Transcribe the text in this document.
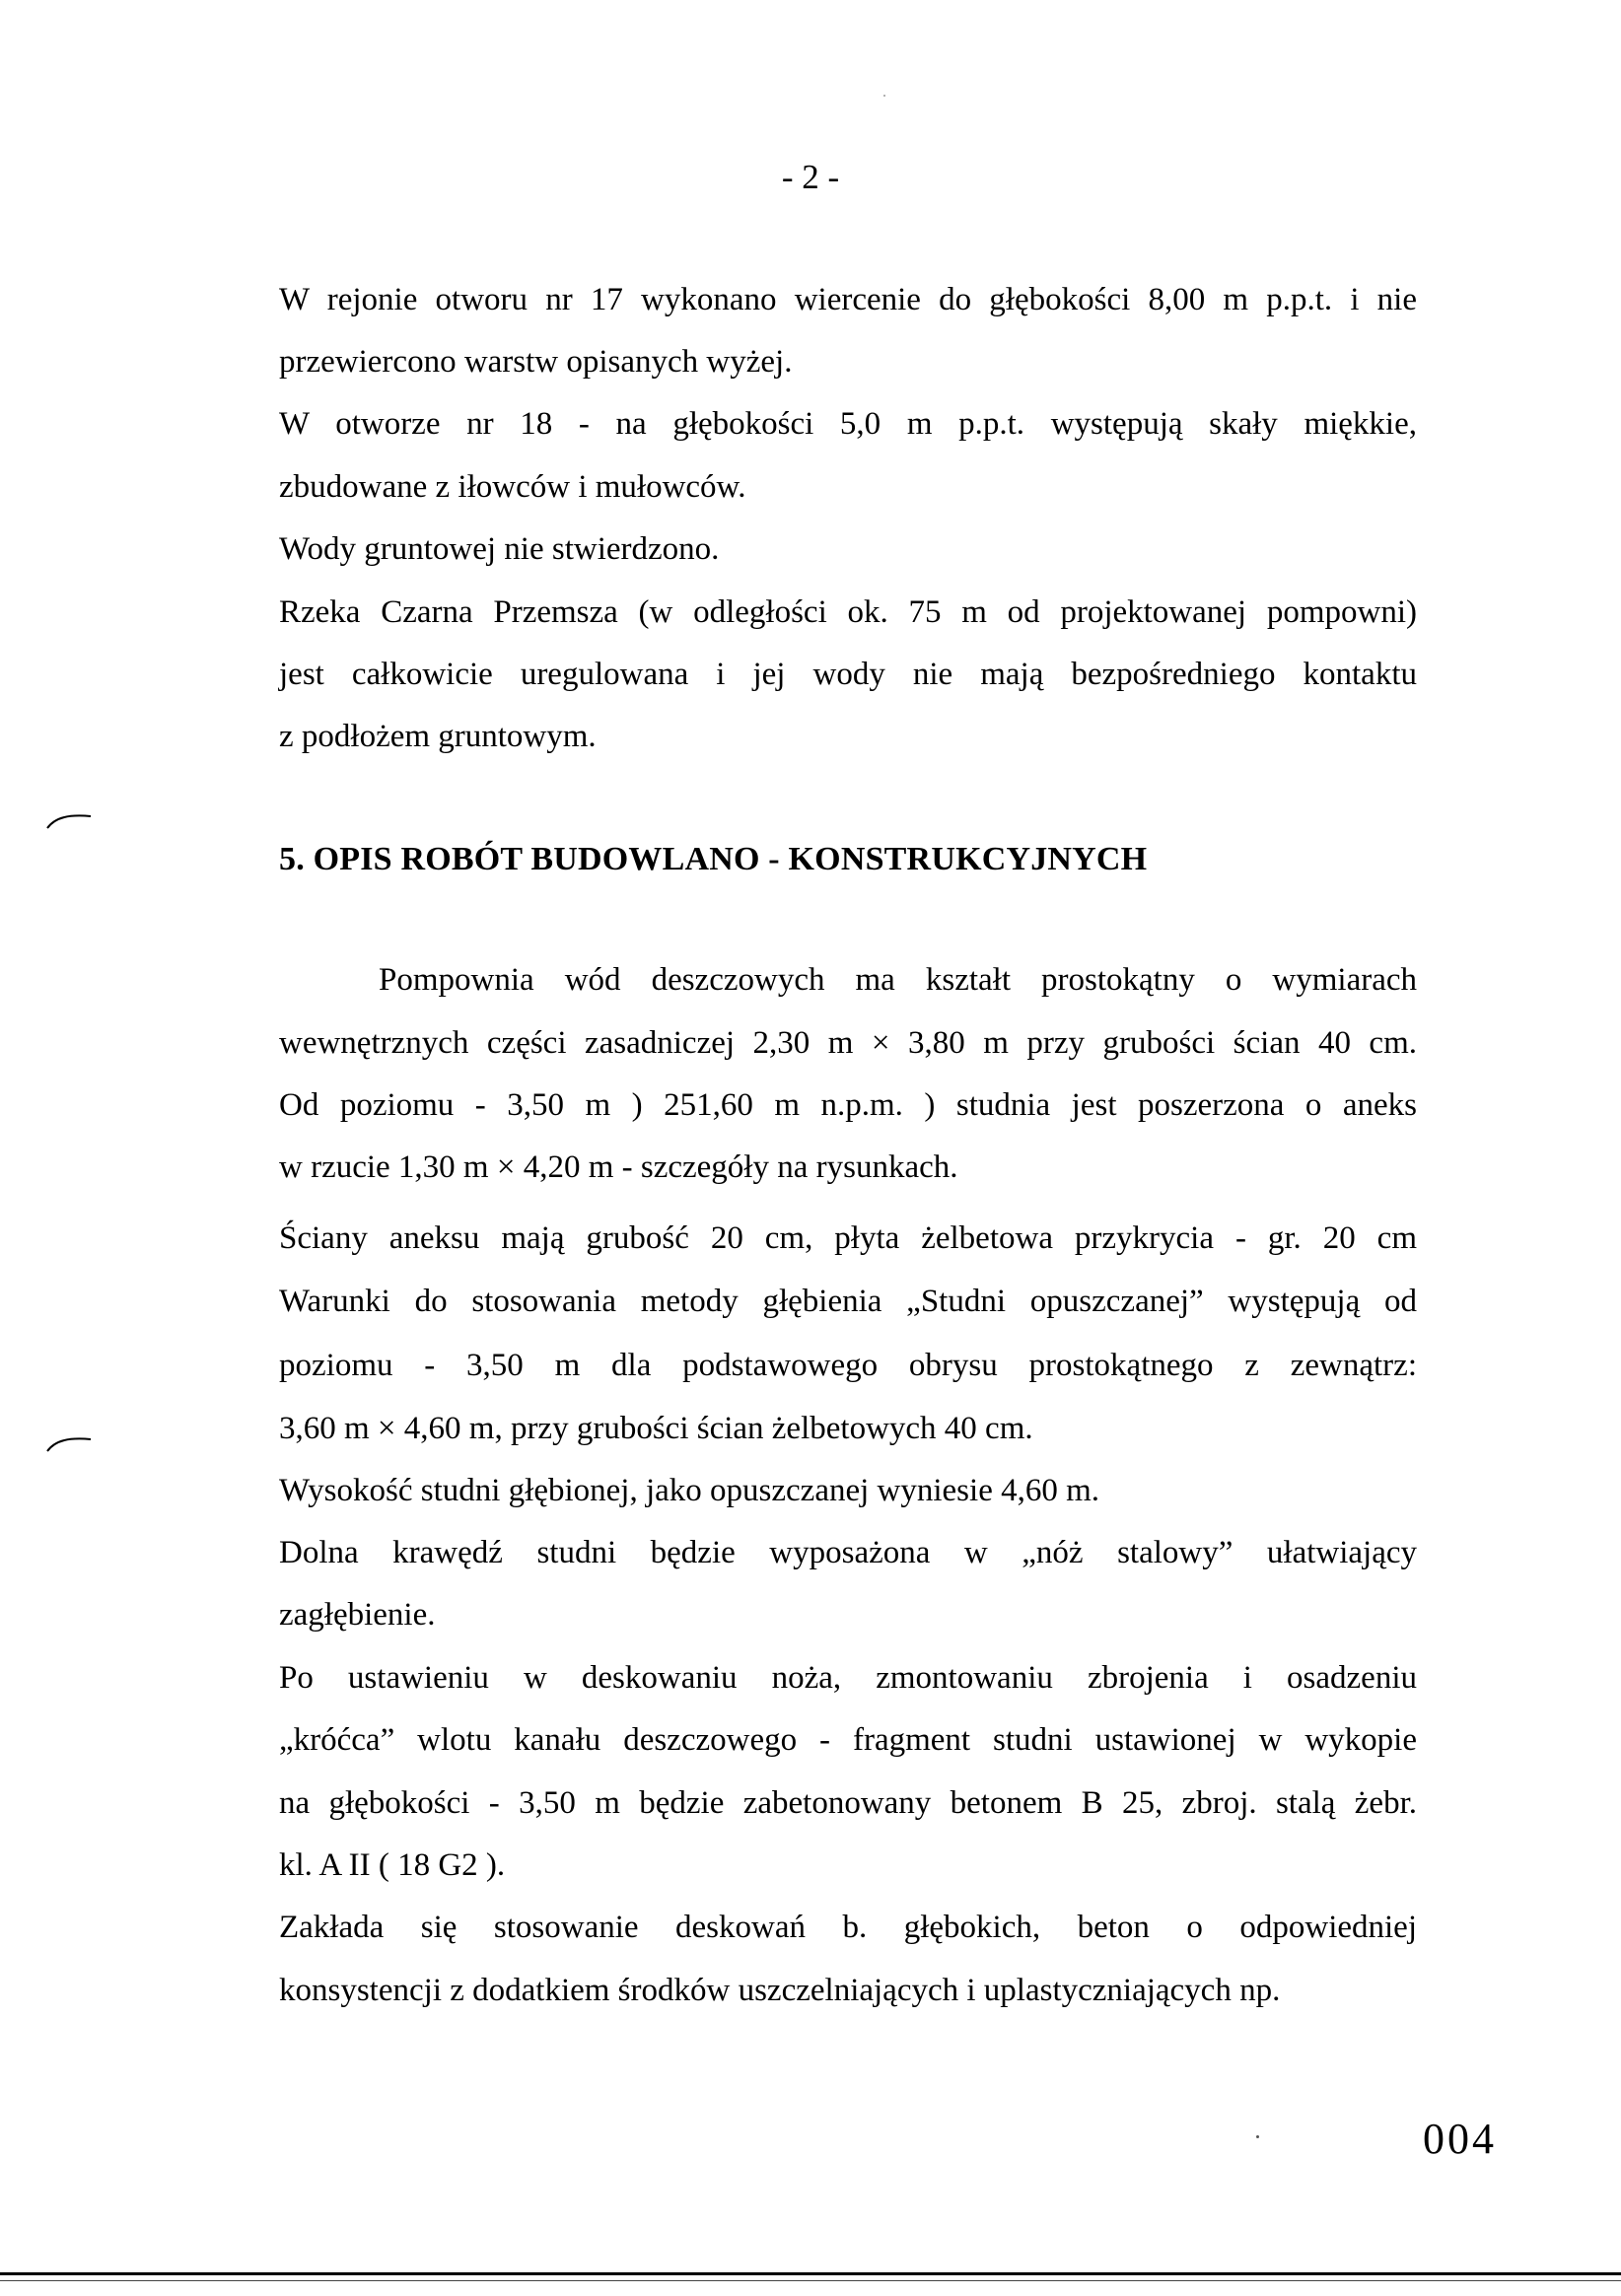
- 2 -

W rejonie otworu nr 17 wykonano wiercenie do głębokości 8,00 m p.p.t. i nie

przewiercono warstw opisanych wyżej.

W otworze nr 18 - na głębokości 5,0 m p.p.t. występują skały miękkie,

zbudowane z iłowców i mułowców.

Wody gruntowej nie stwierdzono.

Rzeka Czarna Przemsza (w odległości ok. 75 m od projektowanej pompowni)

jest całkowicie uregulowana i jej wody nie mają bezpośredniego kontaktu

z podłożem gruntowym.

5. OPIS ROBÓT BUDOWLANO - KONSTRUKCYJNYCH

Pompownia wód deszczowych ma kształt prostokątny o wymiarach

wewnętrznych części zasadniczej 2,30 m × 3,80 m przy grubości ścian 40 cm.

Od poziomu - 3,50 m ) 251,60 m n.p.m. ) studnia jest poszerzona o aneks

w rzucie 1,30 m × 4,20 m - szczegóły na rysunkach.

Ściany aneksu mają grubość 20 cm, płyta żelbetowa przykrycia - gr. 20 cm

Warunki do stosowania metody głębienia „Studni opuszczanej” występują od

poziomu - 3,50 m dla podstawowego obrysu prostokątnego z zewnątrz:

3,60 m × 4,60 m, przy grubości ścian żelbetowych 40 cm.

Wysokość studni głębionej, jako opuszczanej wyniesie 4,60 m.

Dolna krawędź studni będzie wyposażona w „nóż stalowy” ułatwiający

zagłębienie.

Po ustawieniu w deskowaniu noża, zmontowaniu zbrojenia i osadzeniu

„króćca” wlotu kanału deszczowego - fragment studni ustawionej w wykopie

na głębokości - 3,50 m będzie zabetonowany betonem B 25, zbroj. stalą żebr.

kl. A II ( 18 G2 ).

Zakłada się stosowanie deskowań b. głębokich, beton o odpowiedniej

konsystencji z dodatkiem środków uszczelniających i uplastyczniających np.

004
